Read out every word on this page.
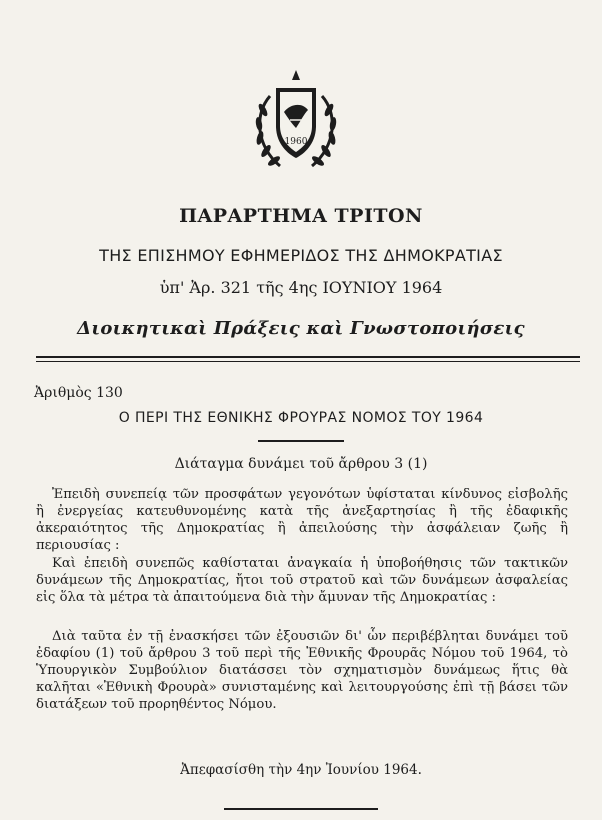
1960
ΠΑΡΑΡΤΗΜΑ ΤΡΙΤΟΝ
ΤΗΣ ΕΠΙΣΗΜΟΥ ΕΦΗΜΕΡΙΔΟΣ ΤΗΣ ΔΗΜΟΚΡΑΤΙΑΣ
ὑπ' Ἀρ. 321 τῆς 4ης ΙΟΥΝΙΟΥ 1964
Διοικητικαὶ Πράξεις καὶ Γνωστοποιήσεις
Ἀριθμὸς 130
Ο ΠΕΡΙ ΤΗΣ ΕΘΝΙΚΗΣ ΦΡΟΥΡΑΣ ΝΟΜΟΣ ΤΟΥ 1964
Διάταγμα δυνάμει τοῦ ἄρθρου 3 (1)
Ἐπειδὴ συνεπείᾳ τῶν προσφάτων γεγονότων ὑφίσταται κίνδυνος εἰσβολῆς ἢ ἐνεργείας κατευθυνομένης κατὰ τῆς ἀνεξαρτησίας ἢ τῆς ἐδαφικῆς ἀκεραιότητος τῆς Δημοκρατίας ἢ ἀπειλούσης τὴν ἀσφάλειαν ζωῆς ἢ περιουσίας :
Καὶ ἐπειδὴ συνεπῶς καθίσταται ἀναγκαία ἡ ὑποβοήθησις τῶν τακτικῶν δυνάμεων τῆς Δημοκρατίας, ἤτοι τοῦ στρατοῦ καὶ τῶν δυνάμεων ἀσφαλείας εἰς ὅλα τὰ μέτρα τὰ ἀπαιτούμενα διὰ τὴν ἄμυναν τῆς Δημοκρατίας :
Διὰ ταῦτα ἐν τῇ ἐνασκήσει τῶν ἐξουσιῶν δι' ὧν περιβέβληται δυνάμει τοῦ ἐδαφίου (1) τοῦ ἄρθρου 3 τοῦ περὶ τῆς Ἐθνικῆς Φρουρᾶς Νόμου τοῦ 1964, τὸ Ὑπουργικὸν Συμβούλιον διατάσσει τὸν σχηματισμὸν δυνάμεως ἥτις θὰ καλῆται «Ἐθνικὴ Φρουρὰ» συνισταμένης καὶ λειτουργούσης ἐπὶ τῇ βάσει τῶν διατάξεων τοῦ προρηθέντος Νόμου.
Ἀπεφασίσθη τὴν 4ην Ἰουνίου 1964.
